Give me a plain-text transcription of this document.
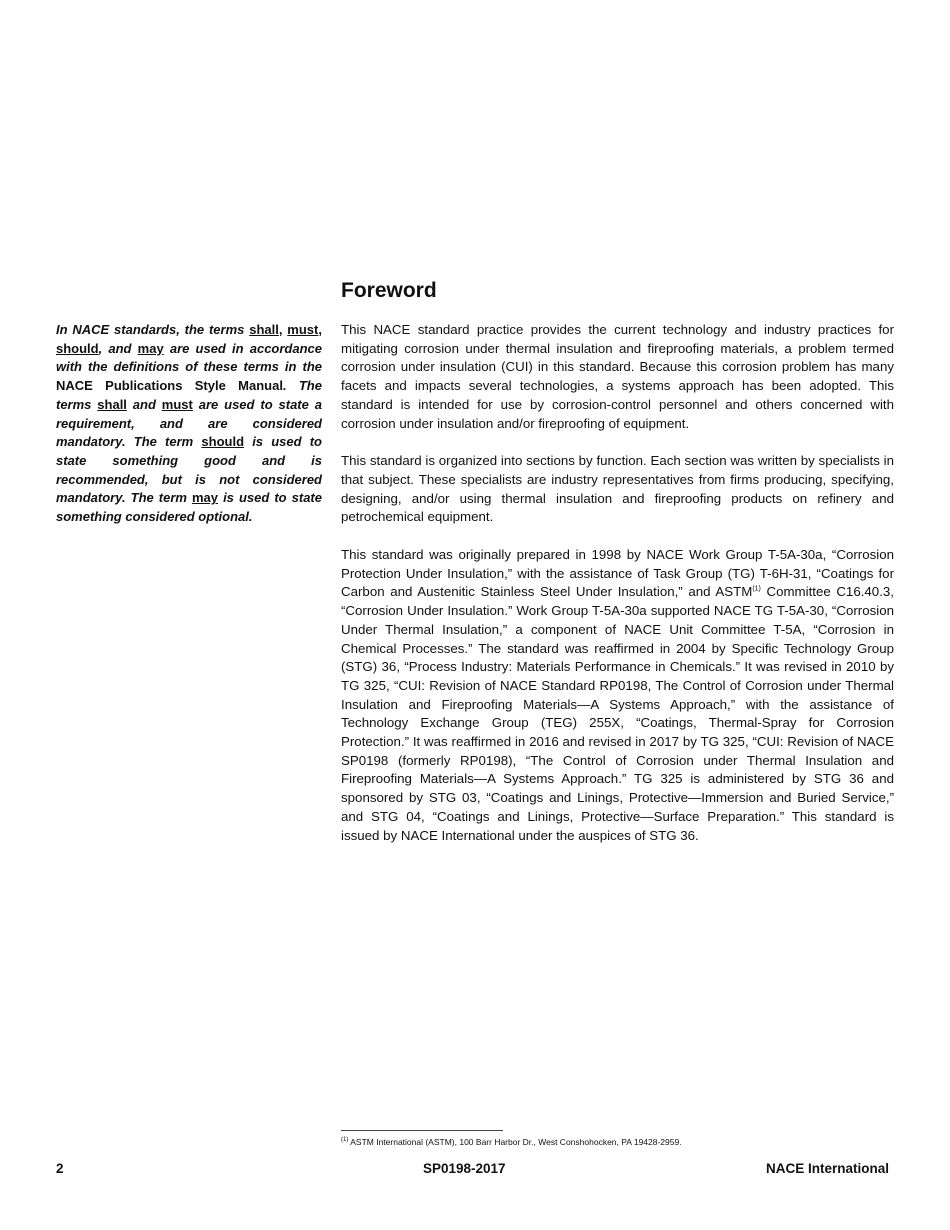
In NACE standards, the terms shall, must, should, and may are used in accordance with the definitions of these terms in the NACE Publications Style Manual. The terms shall and must are used to state a requirement, and are considered mandatory. The term should is used to state something good and is recommended, but is not considered mandatory. The term may is used to state something considered optional.
Foreword

This NACE standard practice provides the current technology and industry practices for mitigating corrosion under thermal insulation and fireproofing materials, a problem termed corrosion under insulation (CUI) in this standard. Because this corrosion problem has many facets and impacts several technologies, a systems approach has been adopted. This standard is intended for use by corrosion-control personnel and others concerned with corrosion under insulation and/or fireproofing of equipment.

This standard is organized into sections by function. Each section was written by specialists in that subject. These specialists are industry representatives from firms producing, specifying, designing, and/or using thermal insulation and fireproofing products on refinery and petrochemical equipment.

This standard was originally prepared in 1998 by NACE Work Group T-5A-30a, “Corrosion Protection Under Insulation,” with the assistance of Task Group (TG) T-6H-31, “Coatings for Carbon and Austenitic Stainless Steel Under Insulation,” and ASTM$^{(1)}$ Committee C16.40.3, “Corrosion Under Insulation.” Work Group T-5A-30a supported NACE TG T-5A-30, “Corrosion Under Thermal Insulation,” a component of NACE Unit Committee T-5A, “Corrosion in Chemical Processes.” The standard was reaffirmed in 2004 by Specific Technology Group (STG) 36, “Process Industry: Materials Performance in Chemicals.” It was revised in 2010 by TG 325, “CUI: Revision of NACE Standard RP0198, The Control of Corrosion under Thermal Insulation and Fireproofing Materials—A Systems Approach,” with the assistance of Technology Exchange Group (TEG) 255X, “Coatings, Thermal-Spray for Corrosion Protection.” It was reaffirmed in 2016 and revised in 2017 by TG 325, “CUI: Revision of NACE SP0198 (formerly RP0198), “The Control of Corrosion under Thermal Insulation and Fireproofing Materials—A Systems Approach.” TG 325 is administered by STG 36 and sponsored by STG 03, “Coatings and Linings, Protective—Immersion and Buried Service,” and STG 04, “Coatings and Linings, Protective—Surface Preparation.” This standard is issued by NACE International under the auspices of STG 36.

$^{(1)}$ ASTM International (ASTM), 100 Barr Harbor Dr., West Conshohocken, PA 19428-2959.
2	SP0198-2017	NACE International
